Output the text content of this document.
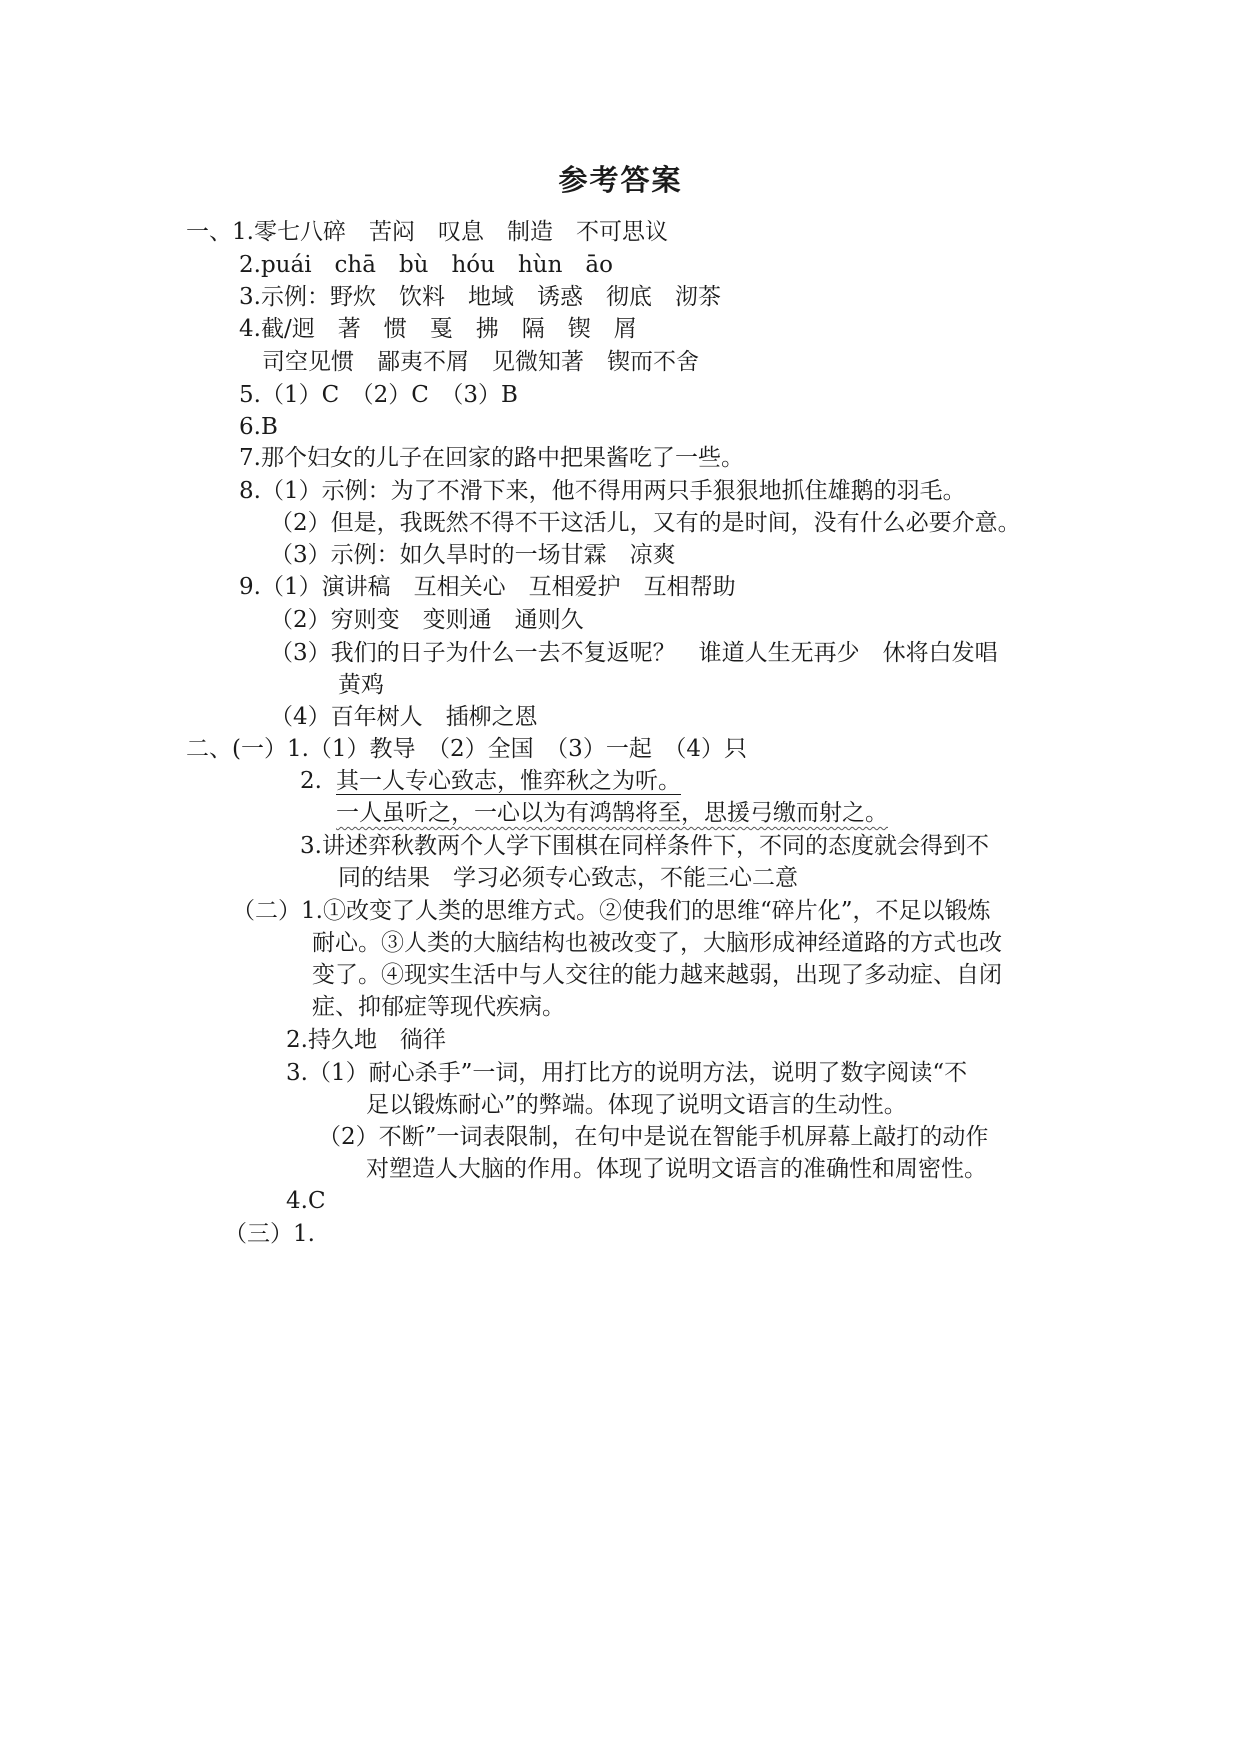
参考答案
一、1.零七八碎　苦闷　叹息　制造　不可思议
2.puái　chā　bù　hóu　hùn　āo
3.示例：野炊　饮料　地域　诱惑　彻底　沏茶
4.截/迥　著　惯　戛　拂　隔　锲　屑
司空见惯　鄙夷不屑　见微知著　锲而不舍
5.（1）C　（2）C　（3）B
6.B
7.那个妇女的儿子在回家的路中把果酱吃了一些。
8.（1）示例：为了不滑下来，他不得用两只手狠狠地抓住雄鹅的羽毛。
（2）但是，我既然不得不干这活儿，又有的是时间，没有什么必要介意。
（3）示例：如久旱时的一场甘霖　凉爽
9.（1）演讲稿　互相关心　互相爱护　互相帮助
（2）穷则变　变则通　通则久
（3）我们的日子为什么一去不复返呢？　谁道人生无再少　休将白发唱
黄鸡
（4）百年树人　插柳之恩
二、(一）1.（1）教导　（2）全国　（3）一起　（4）只
2. 其一人专心致志，惟弈秋之为听。
一人虽听之，一心以为有鸿鹄将至，思援弓缴而射之。
3.讲述弈秋教两个人学下围棋在同样条件下，不同的态度就会得到不
同的结果　学习必须专心致志，不能三心二意
（二）1.①改变了人类的思维方式。②使我们的思维“碎片化”，不足以锻炼
耐心。③人类的大脑结构也被改变了，大脑形成神经道路的方式也改
变了。④现实生活中与人交往的能力越来越弱，出现了多动症、自闭
症、抑郁症等现代疾病。
2.持久地　徜徉
3.（1）耐心杀手”一词，用打比方的说明方法，说明了数字阅读“不
足以锻炼耐心”的弊端。体现了说明文语言的生动性。
（2）不断”一词表限制，在句中是说在智能手机屏幕上敲打的动作
对塑造人大脑的作用。体现了说明文语言的准确性和周密性。
4.C
（三）1.
